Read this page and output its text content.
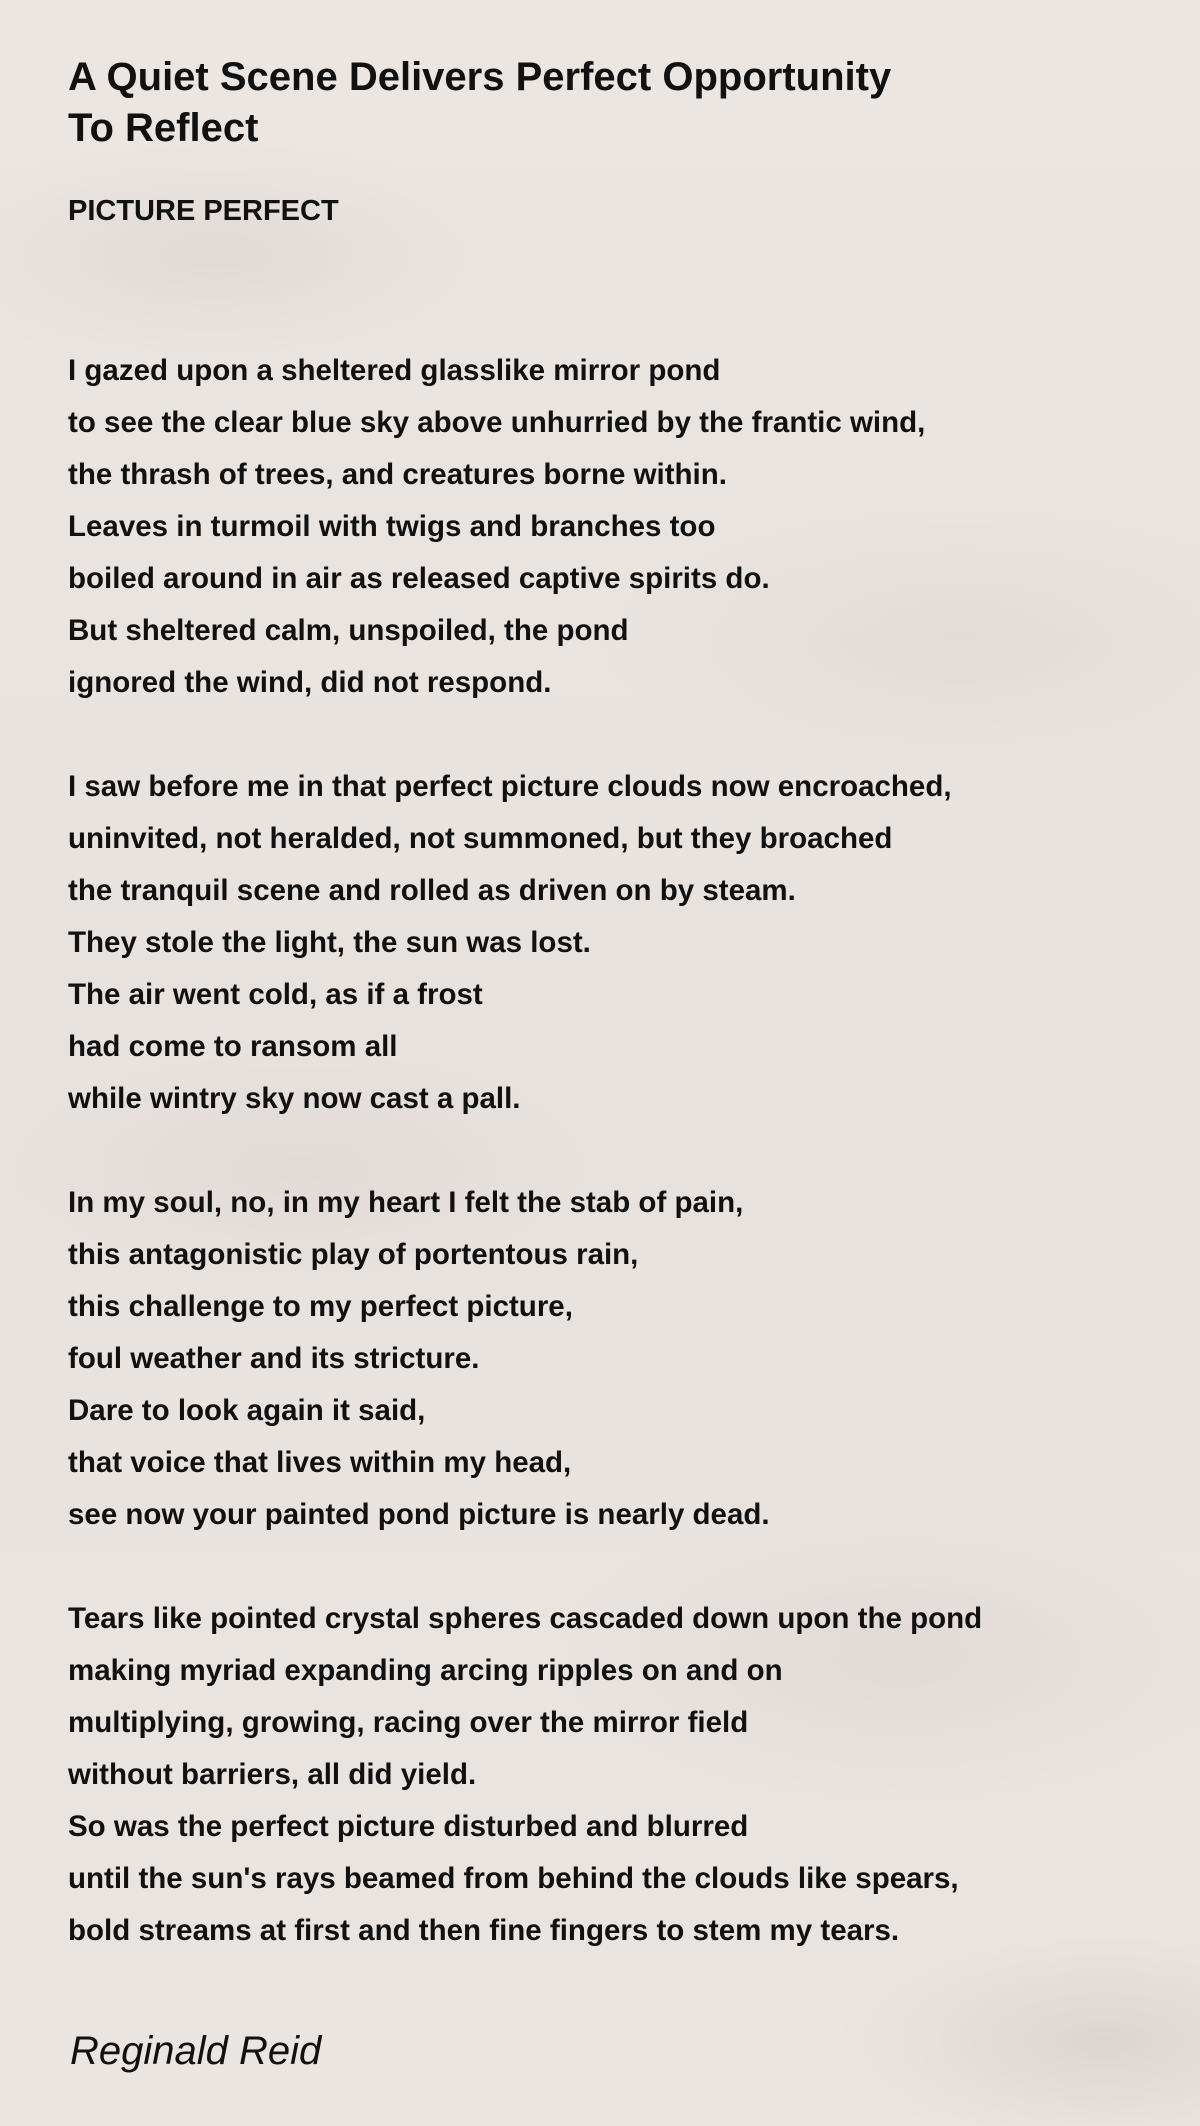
A Quiet Scene Delivers Perfect Opportunity
To Reflect
PICTURE PERFECT
I gazed upon a sheltered glasslike mirror pond
to see the clear blue sky above unhurried by the frantic wind,
the thrash of trees, and creatures borne within.
Leaves in turmoil with twigs and branches too
boiled around in air as released captive spirits do.
But sheltered calm, unspoiled, the pond
ignored the wind, did not respond.
I saw before me in that perfect picture clouds now encroached,
uninvited, not heralded, not summoned, but they broached
the tranquil scene and rolled as driven on by steam.
They stole the light, the sun was lost.
The air went cold, as if a frost
had come to ransom all
while wintry sky now cast a pall.
In my soul, no, in my heart I felt the stab of pain,
this antagonistic play of portentous rain,
this challenge to my perfect picture,
foul weather and its stricture.
Dare to look again it said,
that voice that lives within my head,
see now your painted pond picture is nearly dead.
Tears like pointed crystal spheres cascaded down upon the pond
making myriad expanding arcing ripples on and on
multiplying, growing, racing over the mirror field
without barriers, all did yield.
So was the perfect picture disturbed and blurred
until the sun's rays beamed from behind the clouds like spears,
bold streams at first and then fine fingers to stem my tears.
Reginald Reid
